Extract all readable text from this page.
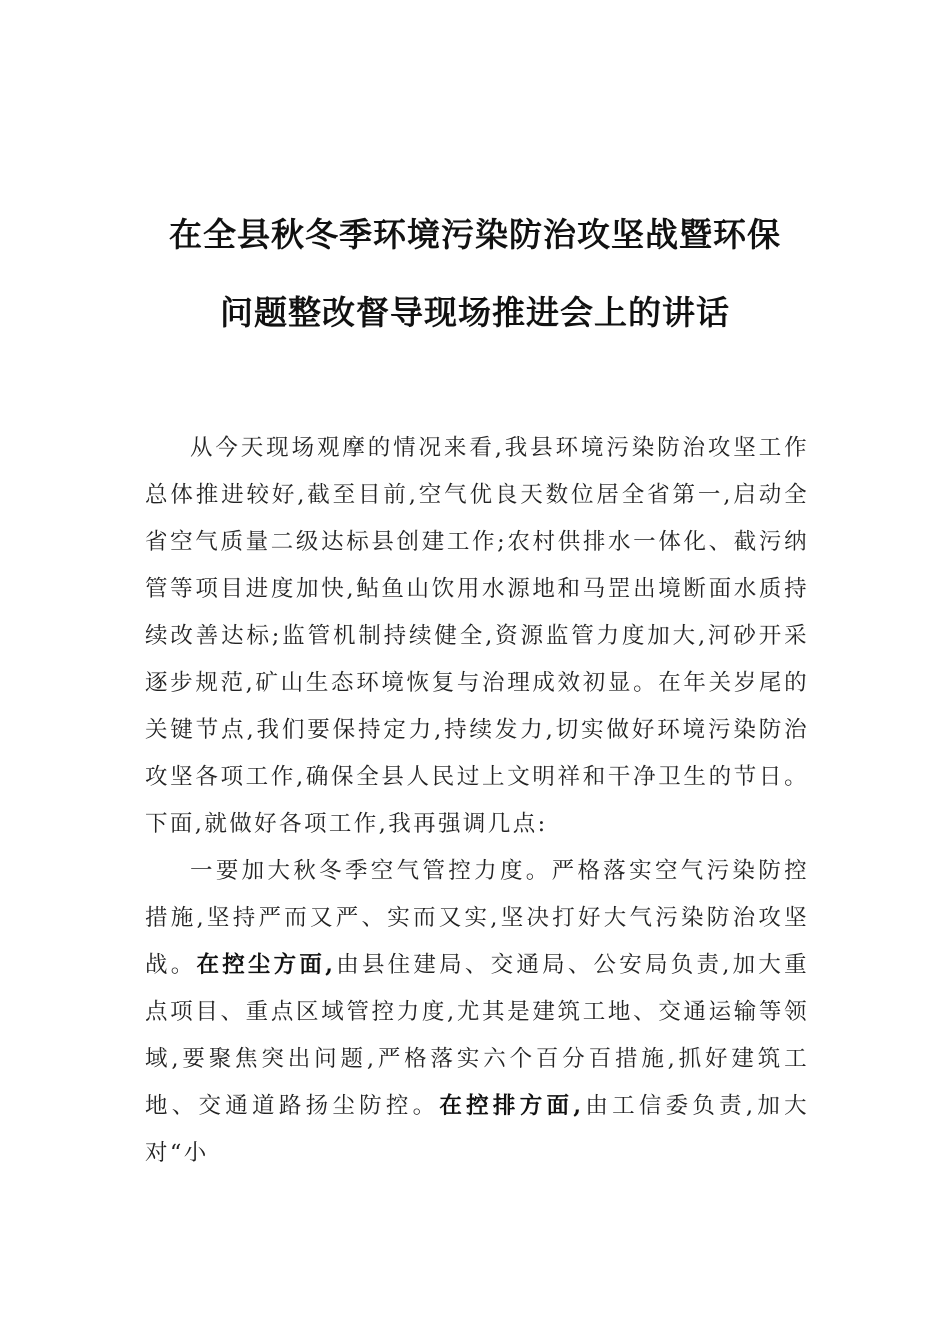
在全县秋冬季环境污染防治攻坚战暨环保
问题整改督导现场推进会上的讲话

从今天现场观摩的情况来看,我县环境污染防治攻坚工作总体推进较好,截至目前,空气优良天数位居全省第一,启动全省空气质量二级达标县创建工作;农村供排水一体化、截污纳管等项目进度加快,鲇鱼山饮用水源地和马罡出境断面水质持续改善达标;监管机制持续健全,资源监管力度加大,河砂开采逐步规范,矿山生态环境恢复与治理成效初显。在年关岁尾的关键节点,我们要保持定力,持续发力,切实做好环境污染防治攻坚各项工作,确保全县人民过上文明祥和干净卫生的节日。下面,就做好各项工作,我再强调几点:

一要加大秋冬季空气管控力度。严格落实空气污染防控措施,坚持严而又严、实而又实,坚决打好大气污染防治攻坚战。在控尘方面,由县住建局、交通局、公安局负责,加大重点项目、重点区域管控力度,尤其是建筑工地、交通运输等领域,要聚焦突出问题,严格落实六个百分百措施,抓好建筑工地、交通道路扬尘防控。在控排方面,由工信委负责,加大对“小
